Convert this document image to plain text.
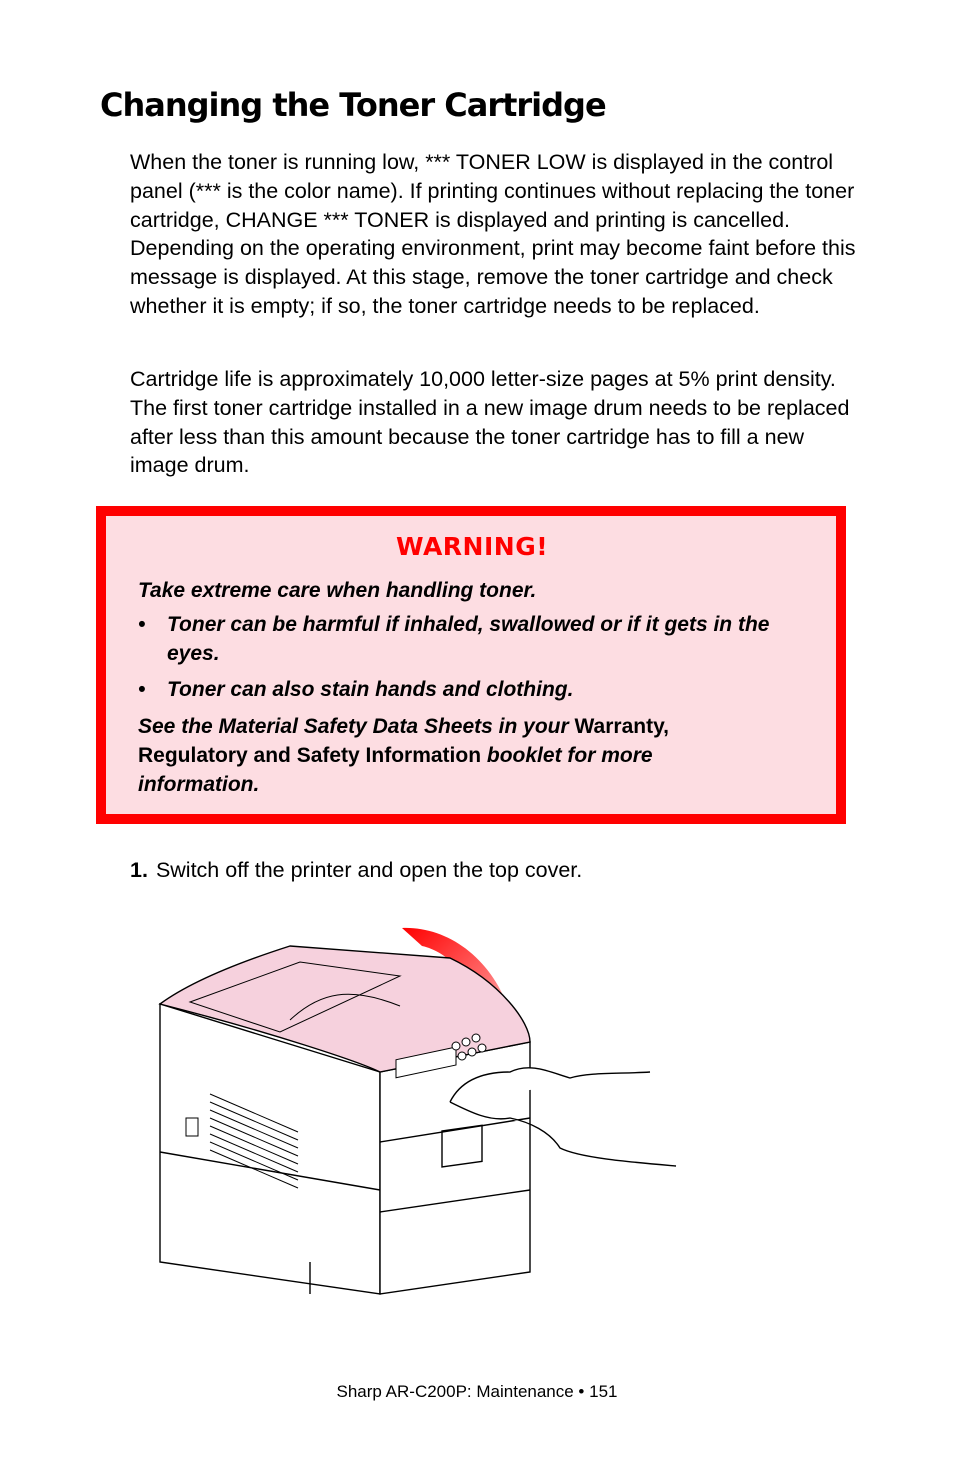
Changing the Toner Cartridge

When the toner is running low, *** TONER LOW is displayed in the control panel (*** is the color name). If printing continues without replacing the toner cartridge, CHANGE *** TONER is displayed and printing is cancelled. Depending on the operating environment, print may become faint before this message is displayed. At this stage, remove the toner cartridge and check whether it is empty; if so, the toner cartridge needs to be replaced.

Cartridge life is approximately 10,000 letter-size pages at 5% print density. The first toner cartridge installed in a new image drum needs to be replaced after less than this amount because the toner cartridge has to fill a new image drum.

WARNING!
Take extreme care when handling toner.
• Toner can be harmful if inhaled, swallowed or if it gets in the eyes.
• Toner can also stain hands and clothing.
See the Material Safety Data Sheets in your Warranty, Regulatory and Safety Information booklet for more information.
1. Switch off the printer and open the top cover.
Sharp AR-C200P: Maintenance • 151
